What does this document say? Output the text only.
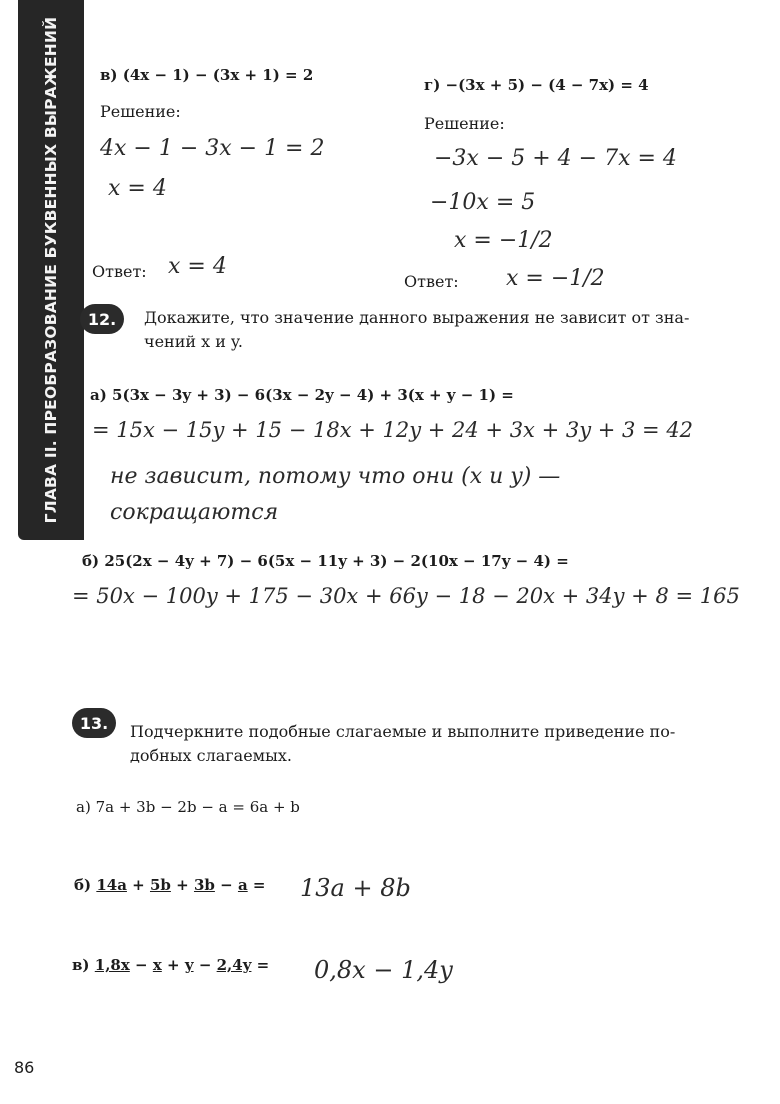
ГЛАВА II. ПРЕОБРАЗОВАНИЕ БУКВЕННЫХ ВЫРАЖЕНИЙ	в) (4x − 1) − (3x + 1) = 2
Решение:
4x − 1 − 3x − 1 = 2
x = 4
Ответ: x = 4
г) −(3x + 5) − (4 − 7x) = 4
Решение:
−3x − 5 + 4 − 7x = 4
−10x = 5
x = −1/2
Ответ: x = −1/2
12.	Докажите, что значение данного выражения не зависит от зна-
чений x и y.
а) 5(3x − 3y + 3) − 6(3x − 2y − 4) + 3(x + y − 1) =
= 15x − 15y + 15 − 18x + 12y + 24 + 3x + 3y + 3 = 42
не зависит, потому что они (x и y) —
сокращаются
б) 25(2x − 4y + 7) − 6(5x − 11y + 3) − 2(10x − 17y − 4) =
= 50x − 100y + 175 − 30x + 66y − 18 − 20x + 34y + 8 = 165
13.	Подчеркните подобные слагаемые и выполните приведение по-
добных слагаемых.
а) 7a + 3b − 2b − a = 6a + b
б) 14a + 5b + 3b − a = 13a + 8b
в) 1,8x − x + y − 2,4y = 0,8x − 1,4y
86
